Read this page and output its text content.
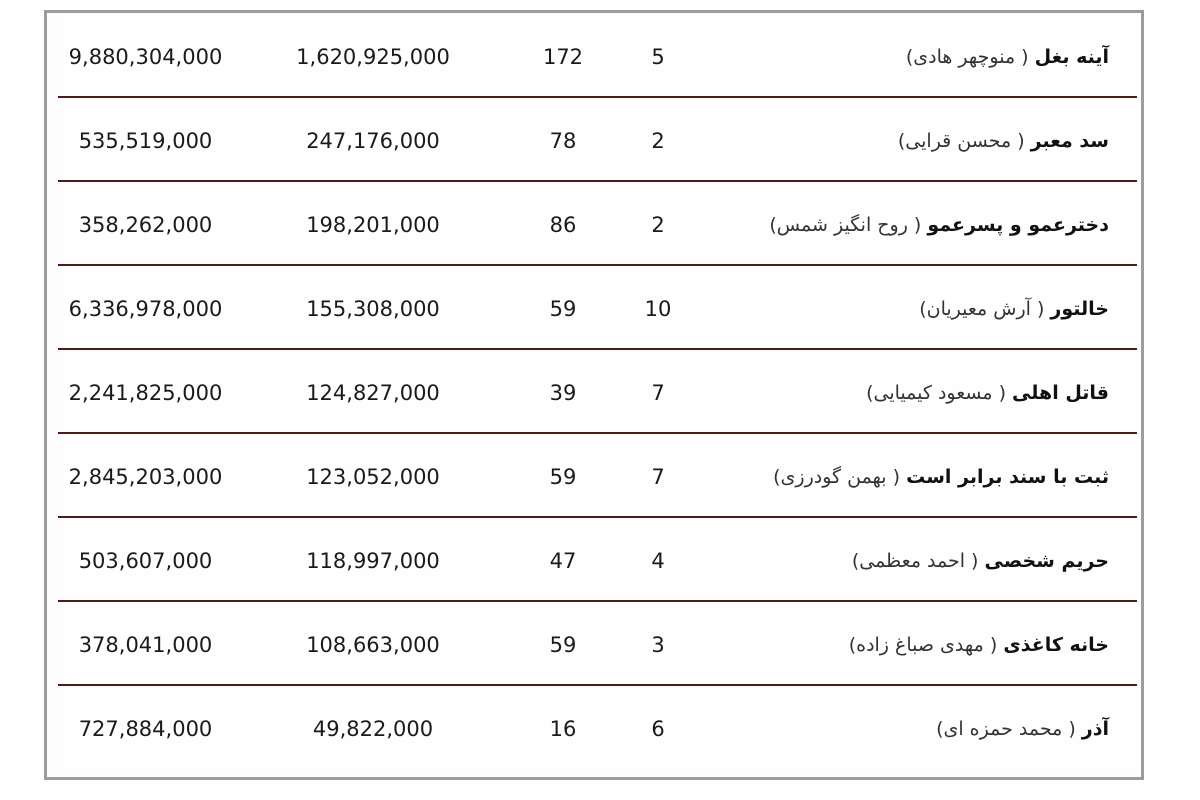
9,880,304,000	1,620,925,000	172	5	آینه بغل ( منوچهر هادی)
535,519,000	247,176,000	78	2	سد معبر ( محسن قرایی)
358,262,000	198,201,000	86	2	دخترعمو و پسرعمو ( روح انگیز شمس)
6,336,978,000	155,308,000	59	10	خالتور ( آرش معیریان)
2,241,825,000	124,827,000	39	7	قاتل اهلی ( مسعود کیمیایی)
2,845,203,000	123,052,000	59	7	ثبت با سند برابر است ( بهمن گودرزی)
503,607,000	118,997,000	47	4	حریم شخصی ( احمد معظمی)
378,041,000	108,663,000	59	3	خانه کاغذی ( مهدی صباغ زاده)
727,884,000	49,822,000	16	6	آذر ( محمد حمزه ای)
